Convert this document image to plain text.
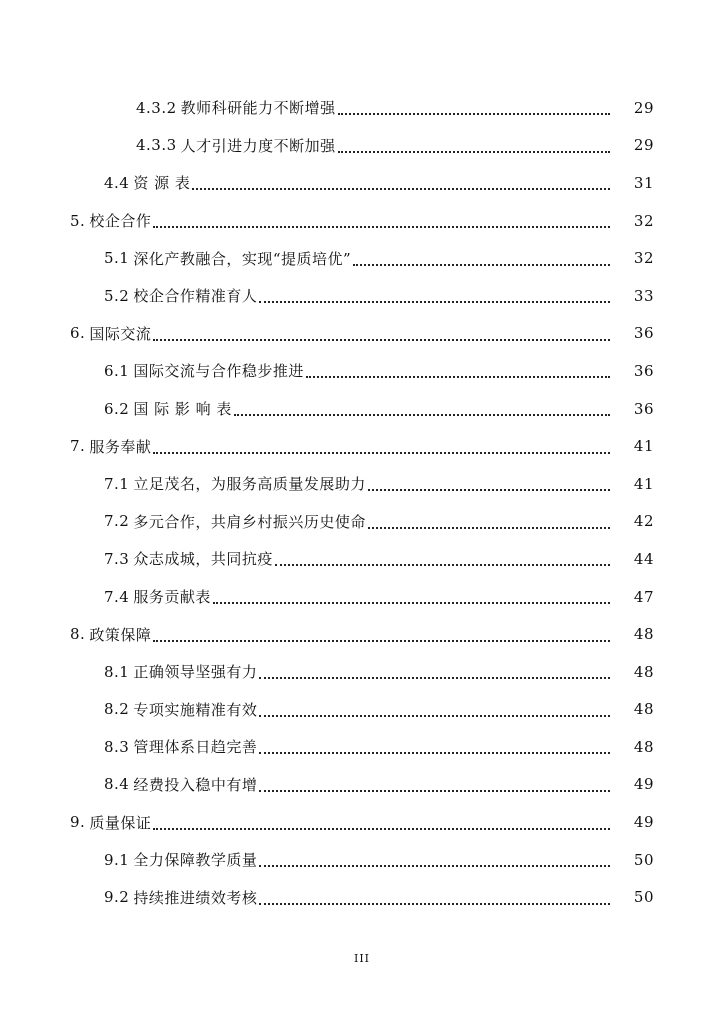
4.3.2 教师科研能力不断增强	29
4.3.3 人才引进力度不断加强	29
4.4 资 源 表	31
5. 校企合作	32
5.1 深化产教融合，实现“提质培优”	32
5.2 校企合作精准育人	33
6. 国际交流	36
6.1 国际交流与合作稳步推进	36
6.2 国 际 影 响 表	36
7. 服务奉献	41
7.1 立足茂名，为服务高质量发展助力	41
7.2 多元合作，共肩乡村振兴历史使命	42
7.3 众志成城，共同抗疫	44
7.4 服务贡献表	47
8. 政策保障	48
8.1 正确领导坚强有力	48
8.2 专项实施精准有效	48
8.3 管理体系日趋完善	48
8.4 经费投入稳中有增	49
9. 质量保证	49
9.1 全力保障教学质量	50
9.2 持续推进绩效考核	50
III
